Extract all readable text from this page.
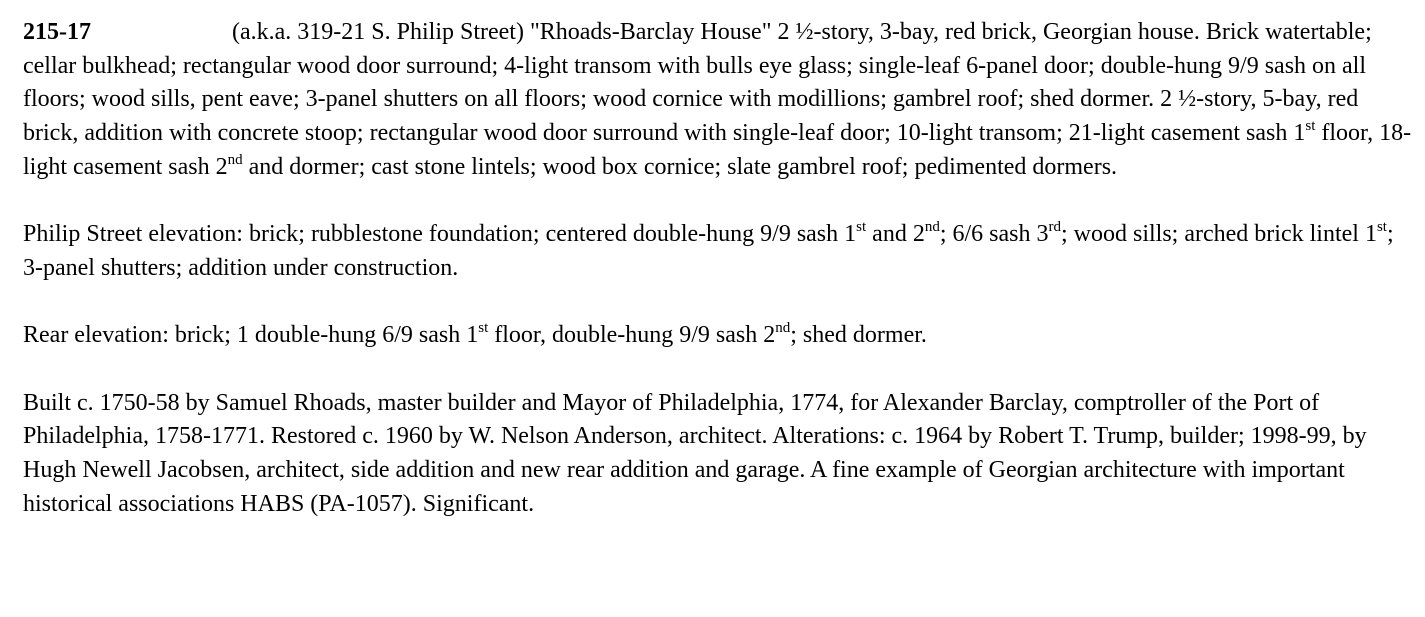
215-17	(a.k.a. 319-21 S. Philip Street) "Rhoads-Barclay House" 2 ½-story, 3-bay, red brick, Georgian house. Brick watertable; cellar bulkhead; rectangular wood door surround; 4-light transom with bulls eye glass; single-leaf 6-panel door; double-hung 9/9 sash on all floors; wood sills, pent eave; 3-panel shutters on all floors; wood cornice with modillions; gambrel roof; shed dormer. 2 ½-story, 5-bay, red brick, addition with concrete stoop; rectangular wood door surround with single-leaf door; 10-light transom; 21-light casement sash 1st floor, 18-light casement sash 2nd and dormer; cast stone lintels; wood box cornice; slate gambrel roof; pedimented dormers.

Philip Street elevation: brick; rubblestone foundation; centered double-hung 9/9 sash 1st and 2nd; 6/6 sash 3rd; wood sills; arched brick lintel 1st; 3-panel shutters; addition under construction.

Rear elevation: brick; 1 double-hung 6/9 sash 1st floor, double-hung 9/9 sash 2nd; shed dormer.

Built c. 1750-58 by Samuel Rhoads, master builder and Mayor of Philadelphia, 1774, for Alexander Barclay, comptroller of the Port of Philadelphia, 1758-1771. Restored c. 1960 by W. Nelson Anderson, architect. Alterations: c. 1964 by Robert T. Trump, builder; 1998-99, by Hugh Newell Jacobsen, architect, side addition and new rear addition and garage. A fine example of Georgian architecture with important historical associations HABS (PA-1057). Significant.
